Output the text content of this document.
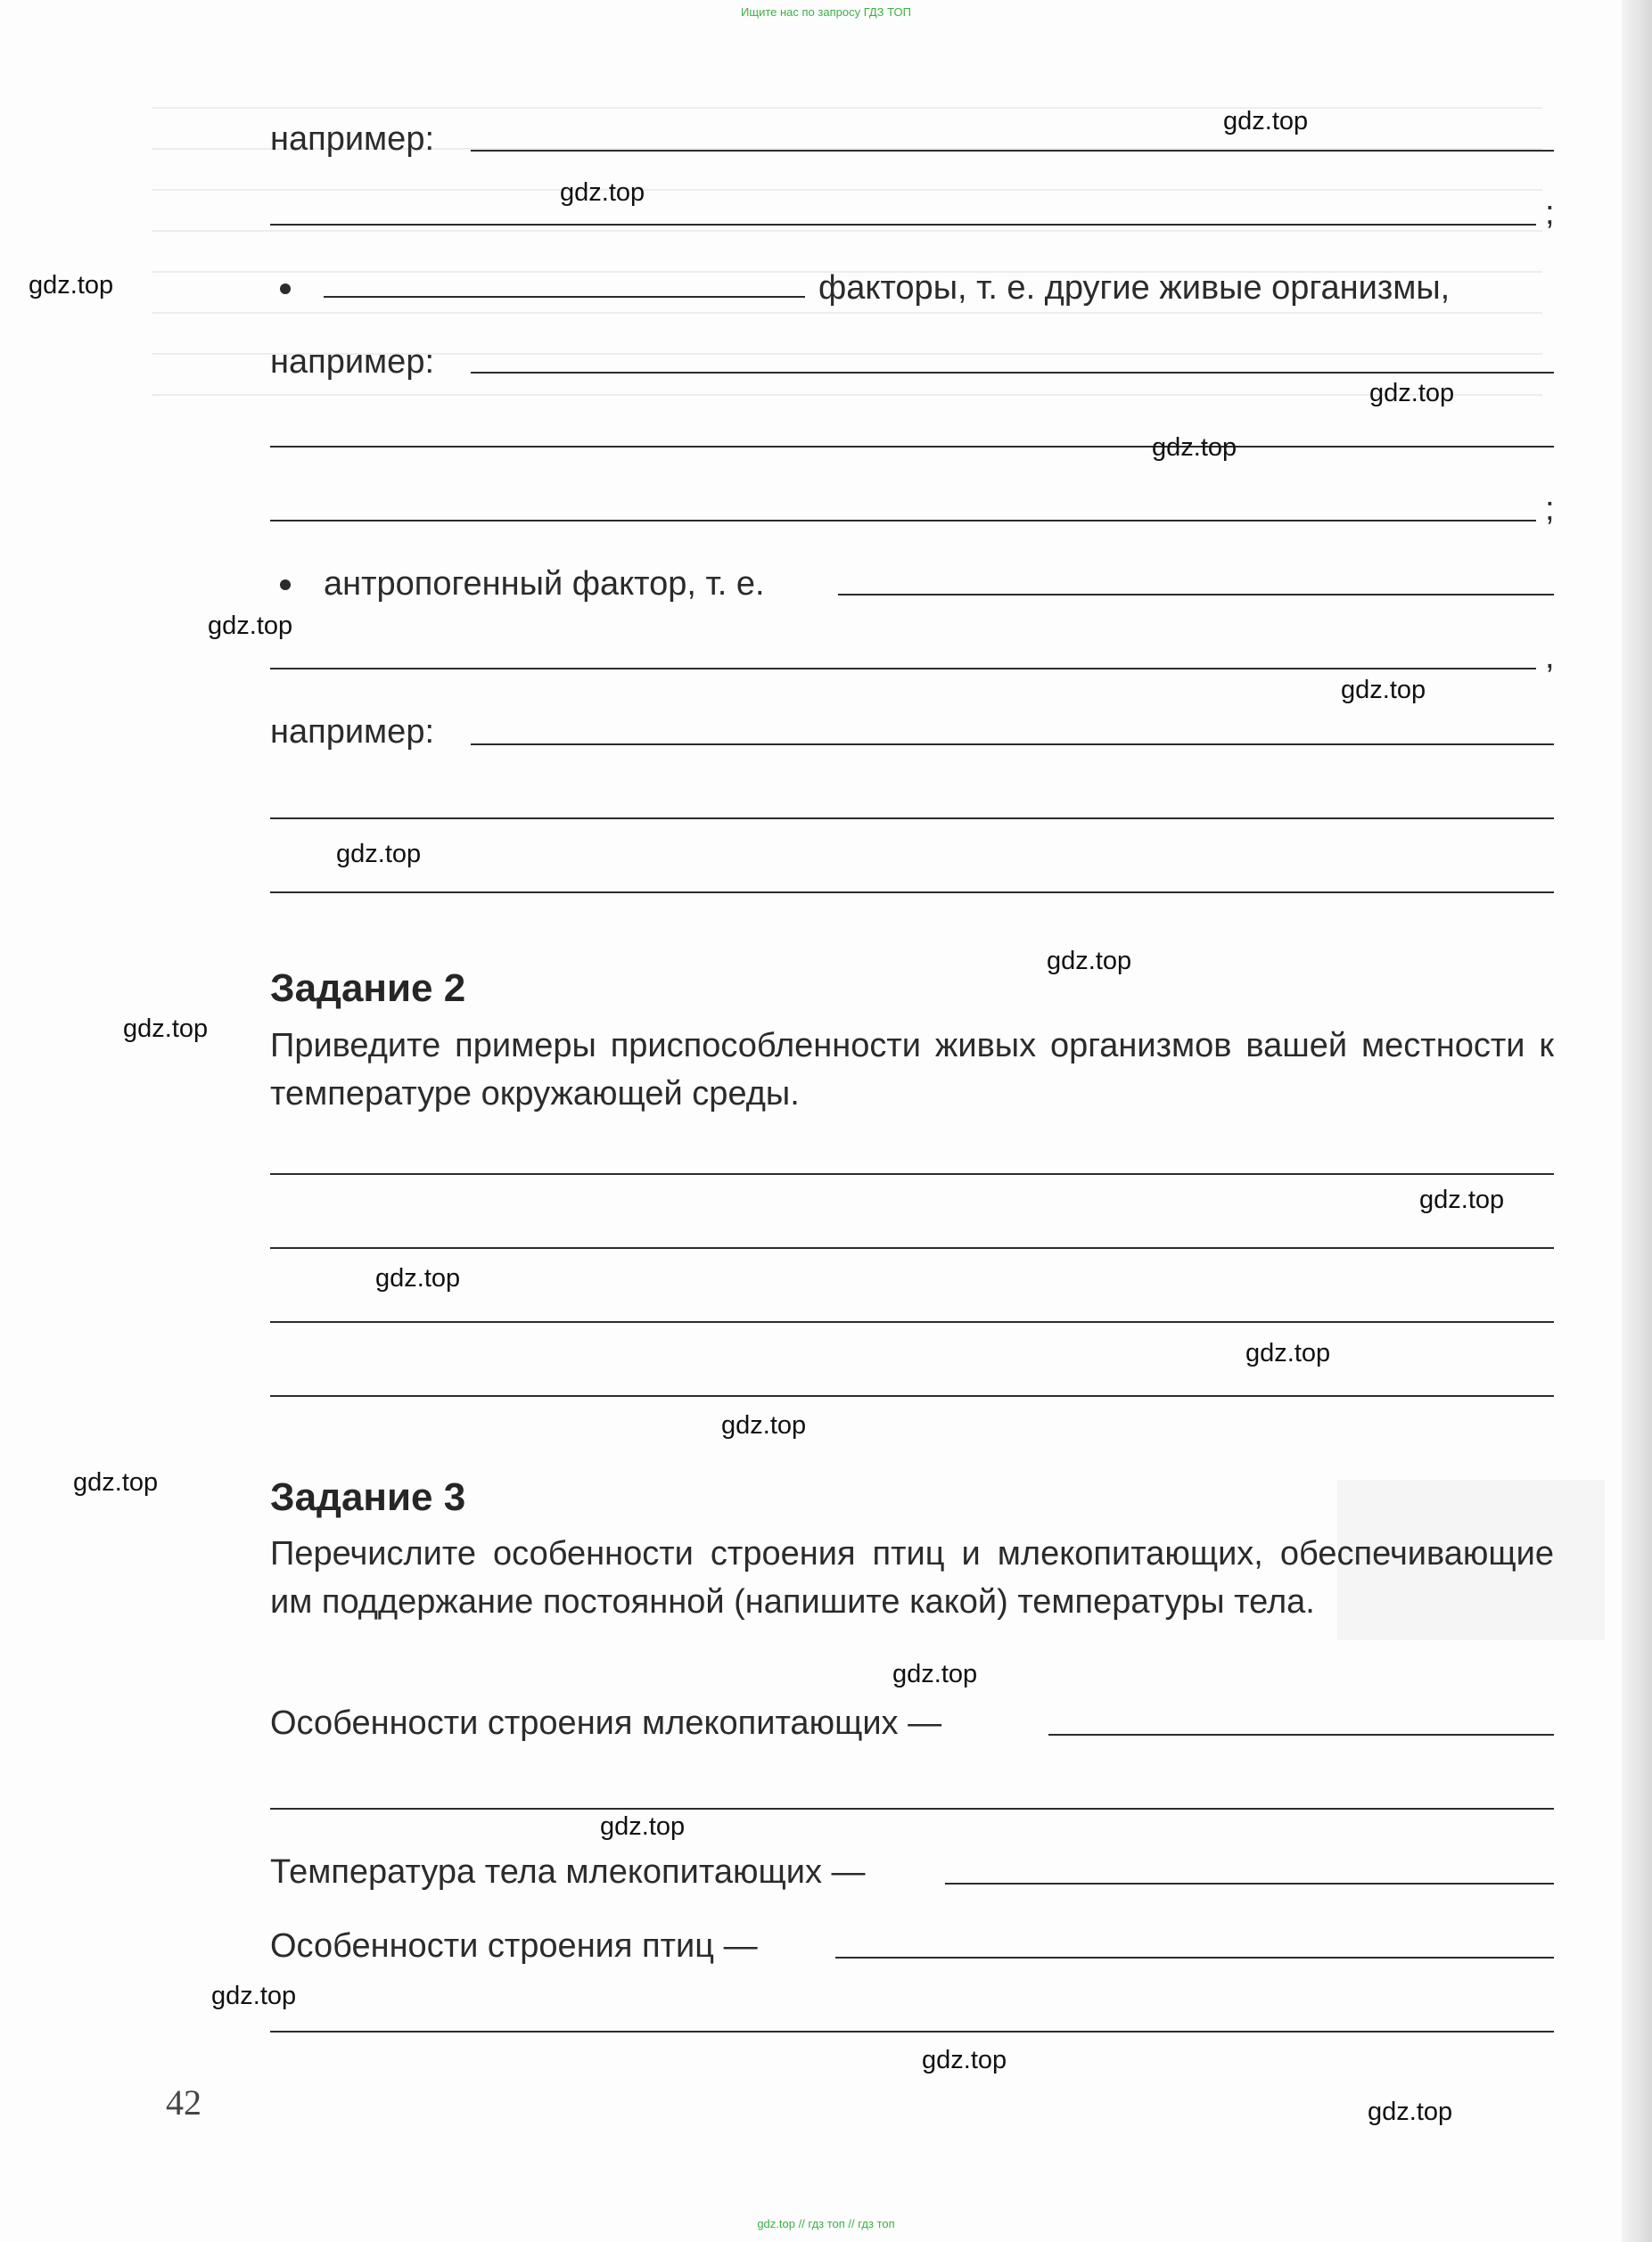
Ищите нас по запросу ГДЗ ТОП
например:
;
факторы, т. е. другие живые организмы,
например:
;
антропогенный фактор, т. е.
,
например:
Задание 2
Приведите примеры приспособленности живых организмов вашей местности к температуре окружающей среды.
Задание 3
Перечислите особенности строения птиц и млекопитающих, обеспечивающие им поддержание постоянной (напишите какой) температуры тела.
Особенности строения млекопитающих —
Температура тела млекопитающих —
Особенности строения птиц —
42
gdz.top
gdz.top
gdz.top
gdz.top
gdz.top
gdz.top
gdz.top
gdz.top
gdz.top
gdz.top
gdz.top
gdz.top
gdz.top
gdz.top
gdz.top
gdz.top
gdz.top
gdz.top
gdz.top
gdz.top
gdz.top // гдз топ // гдз топ
